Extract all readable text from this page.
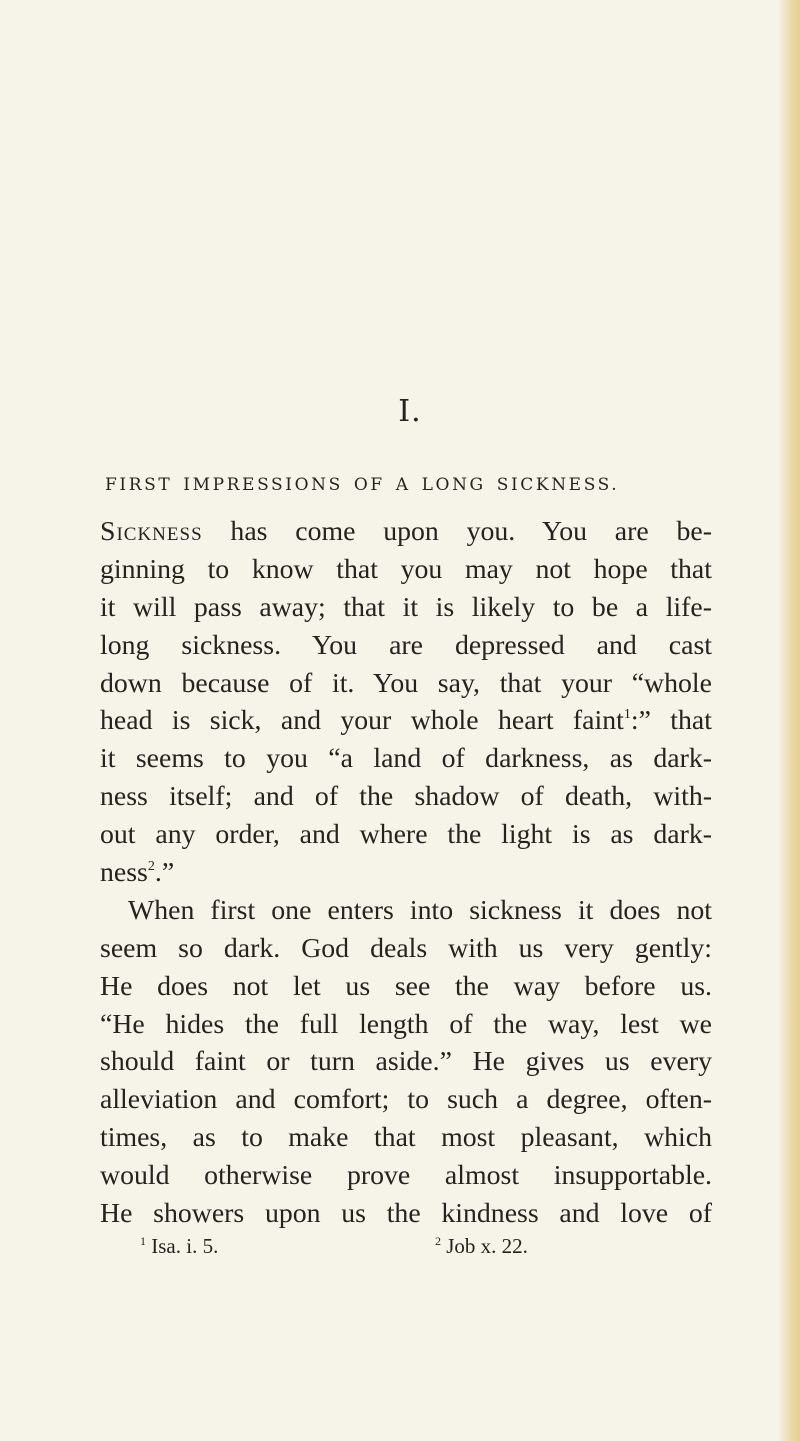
I.
FIRST IMPRESSIONS OF A LONG SICKNESS.
Sickness has come upon you. You are be-
ginning to know that you may not hope that
it will pass away; that it is likely to be a life-
long sickness. You are depressed and cast
down because of it. You say, that your “whole
head is sick, and your whole heart faint$^1$:” that
it seems to you “a land of darkness, as dark-
ness itself; and of the shadow of death, with-
out any order, and where the light is as dark-
ness$^2$.”
When first one enters into sickness it does not
seem so dark. God deals with us very gently:
He does not let us see the way before us.
“He hides the full length of the way, lest we
should faint or turn aside.” He gives us every
alleviation and comfort; to such a degree, often-
times, as to make that most pleasant, which
would otherwise prove almost insupportable.
He showers upon us the kindness and love of
$^1$ Isa. i. 5.	$^2$ Job x. 22.
